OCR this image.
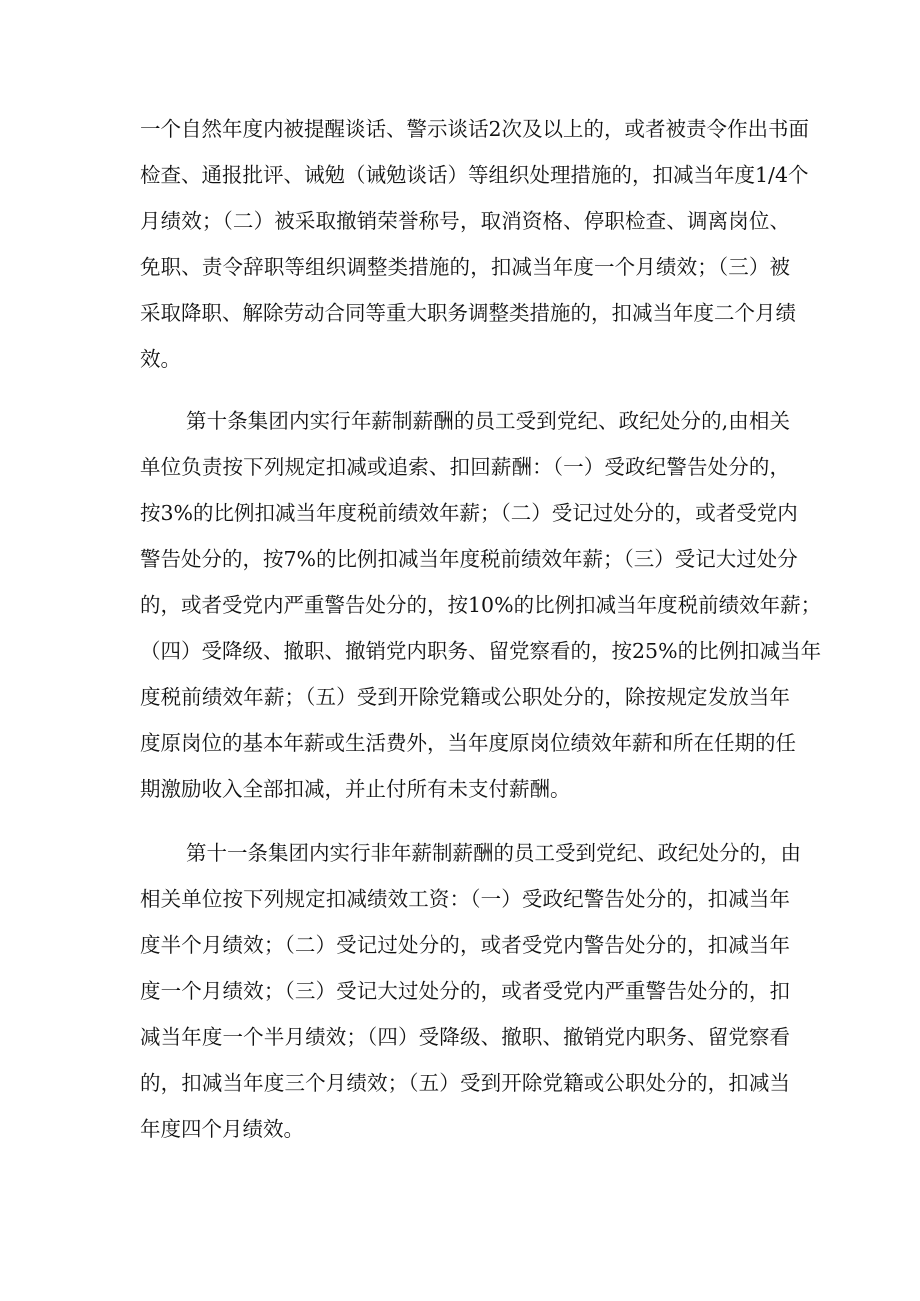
一个自然年度内被提醒谈话、警示谈话2次及以上的，或者被责令作出书面
检查、通报批评、诫勉（诫勉谈话）等组织处理措施的，扣减当年度1/4个
月绩效；（二）被采取撤销荣誉称号，取消资格、停职检查、调离岗位、
免职、责令辞职等组织调整类措施的，扣减当年度一个月绩效；（三）被
采取降职、解除劳动合同等重大职务调整类措施的，扣减当年度二个月绩
效。
第十条集团内实行年薪制薪酬的员工受到党纪、政纪处分的,由相关
单位负责按下列规定扣减或追索、扣回薪酬：（一）受政纪警告处分的，
按3%的比例扣减当年度税前绩效年薪；（二）受记过处分的，或者受党内
警告处分的，按7%的比例扣减当年度税前绩效年薪；（三）受记大过处分
的，或者受党内严重警告处分的，按10%的比例扣减当年度税前绩效年薪；
（四）受降级、撤职、撤销党内职务、留党察看的，按25%的比例扣减当年
度税前绩效年薪；（五）受到开除党籍或公职处分的，除按规定发放当年
度原岗位的基本年薪或生活费外，当年度原岗位绩效年薪和所在任期的任
期激励收入全部扣减，并止付所有未支付薪酬。
第十一条集团内实行非年薪制薪酬的员工受到党纪、政纪处分的，由
相关单位按下列规定扣减绩效工资：（一）受政纪警告处分的，扣减当年
度半个月绩效；（二）受记过处分的，或者受党内警告处分的，扣减当年
度一个月绩效；（三）受记大过处分的，或者受党内严重警告处分的，扣
减当年度一个半月绩效；（四）受降级、撤职、撤销党内职务、留党察看
的，扣减当年度三个月绩效；（五）受到开除党籍或公职处分的，扣减当
年度四个月绩效。
